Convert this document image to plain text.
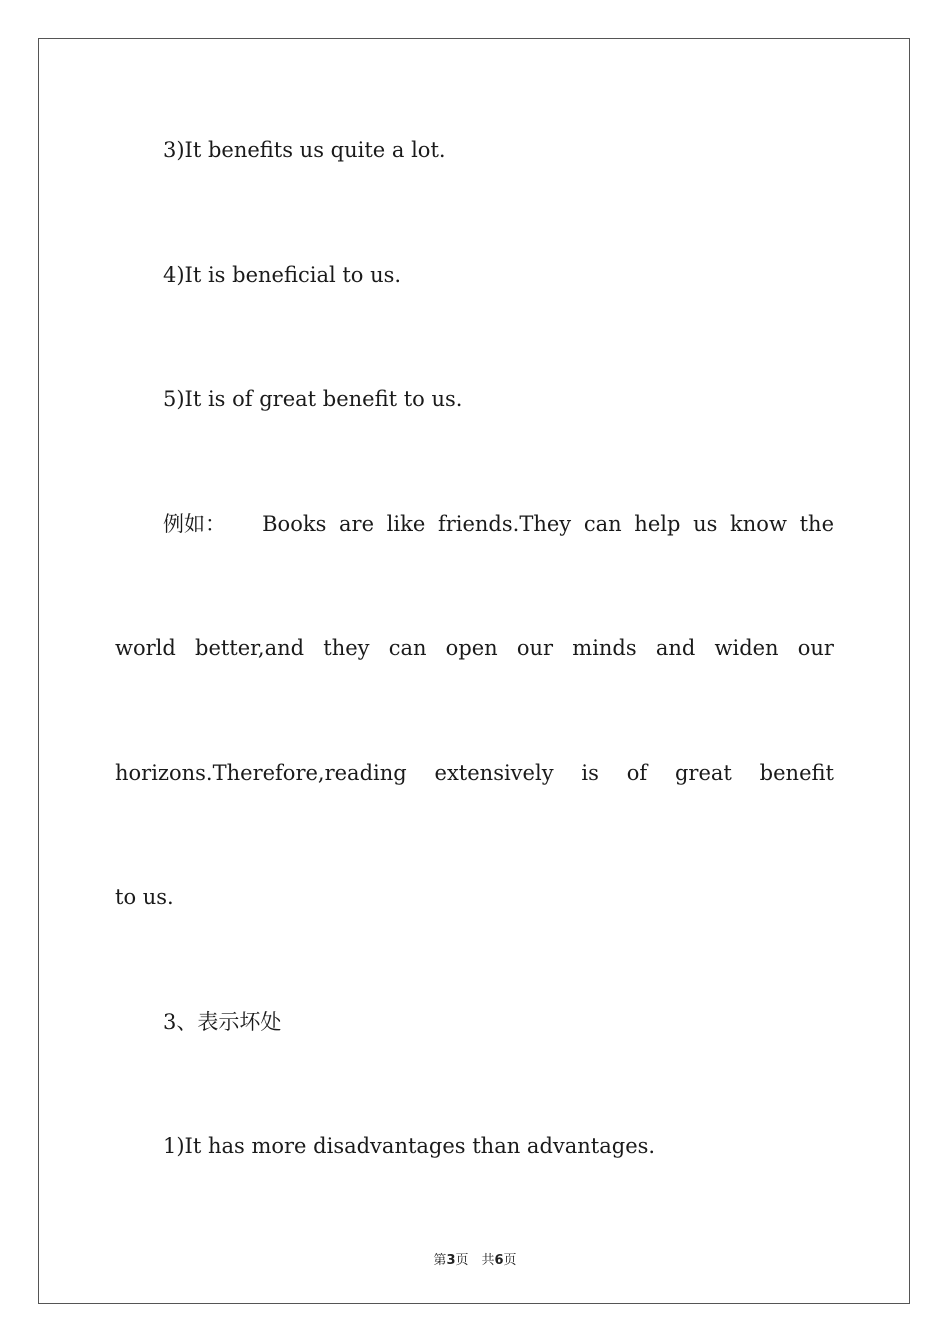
3)It benefits us quite a lot.
4)It is beneficial to us.
5)It is of great benefit to us.
例如： Books are like friends.They can help us know the
world better,and they can open our minds and widen our
horizons.Therefore,reading extensively is of great benefit
to us.
3、表示坏处
1)It has more disadvantages than advantages.
第3页　共6页
